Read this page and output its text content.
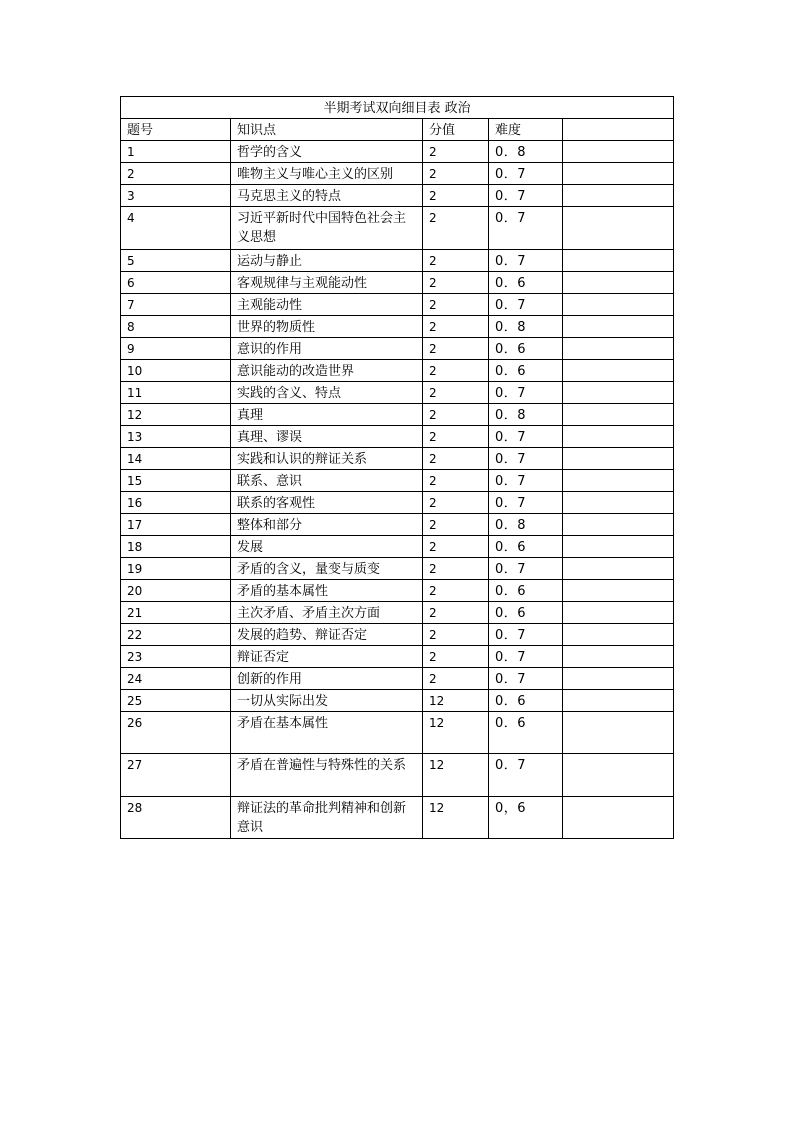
半期考试双向细目表 政治				
题号	知识点	分值	难度	
1	哲学的含义	2	0．8	
2	唯物主义与唯心主义的区别	2	0．7	
3	马克思主义的特点	2	0．7	
4	习近平新时代中国特色社会主义思想	2	0．7	
5	运动与静止	2	0．7	
6	客观规律与主观能动性	2	0．6	
7	主观能动性	2	0．7	
8	世界的物质性	2	0．8	
9	意识的作用	2	0．6	
10	意识能动的改造世界	2	0．6	
11	实践的含义、特点	2	0．7	
12	真理	2	0．8	
13	真理、谬误	2	0．7	
14	实践和认识的辩证关系	2	0．7	
15	联系、意识	2	0．7	
16	联系的客观性	2	0．7	
17	整体和部分	2	0．8	
18	发展	2	0．6	
19	矛盾的含义，量变与质变	2	0．7	
20	矛盾的基本属性	2	0．6	
21	主次矛盾、矛盾主次方面	2	0．6	
22	发展的趋势、辩证否定	2	0．7	
23	辩证否定	2	0．7	
24	创新的作用	2	0．7	
25	一切从实际出发	12	0．6	
26	矛盾在基本属性	12	0．6	
27	矛盾在普遍性与特殊性的关系	12	0．7	
28	辩证法的革命批判精神和创新意识	12	0，6	
